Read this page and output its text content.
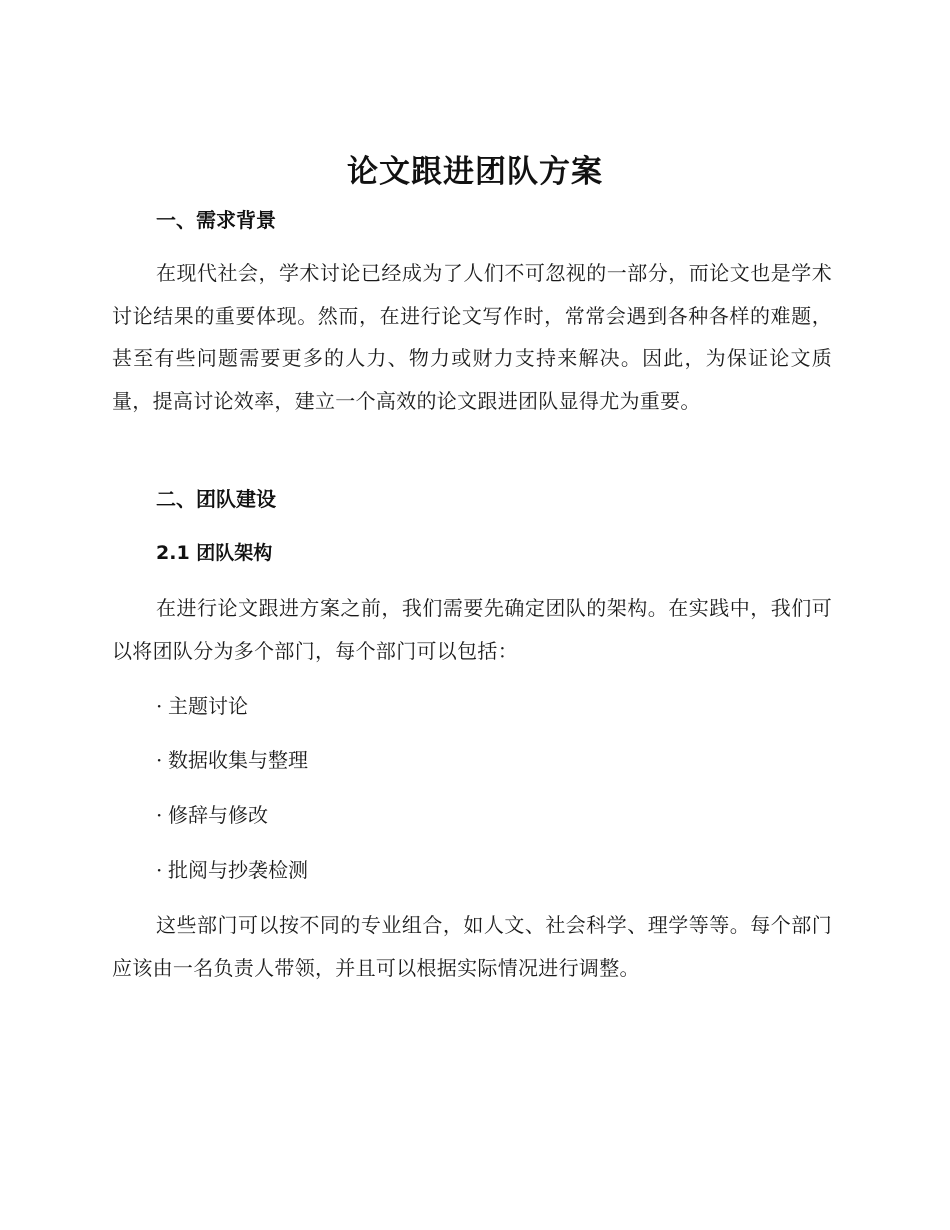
论文跟进团队方案
一、需求背景

在现代社会，学术讨论已经成为了人们不可忽视的一部分，而论文也是学术讨论结果的重要体现。然而，在进行论文写作时，常常会遇到各种各样的难题，甚至有些问题需要更多的人力、物力或财力支持来解决。因此，为保证论文质量，提高讨论效率，建立一个高效的论文跟进团队显得尤为重要。

二、团队建设
2.1 团队架构

在进行论文跟进方案之前，我们需要先确定团队的架构。在实践中，我们可以将团队分为多个部门，每个部门可以包括：

· 主题讨论
· 数据收集与整理
· 修辞与修改
· 批阅与抄袭检测

这些部门可以按不同的专业组合，如人文、社会科学、理学等等。每个部门应该由一名负责人带领，并且可以根据实际情况进行调整。
